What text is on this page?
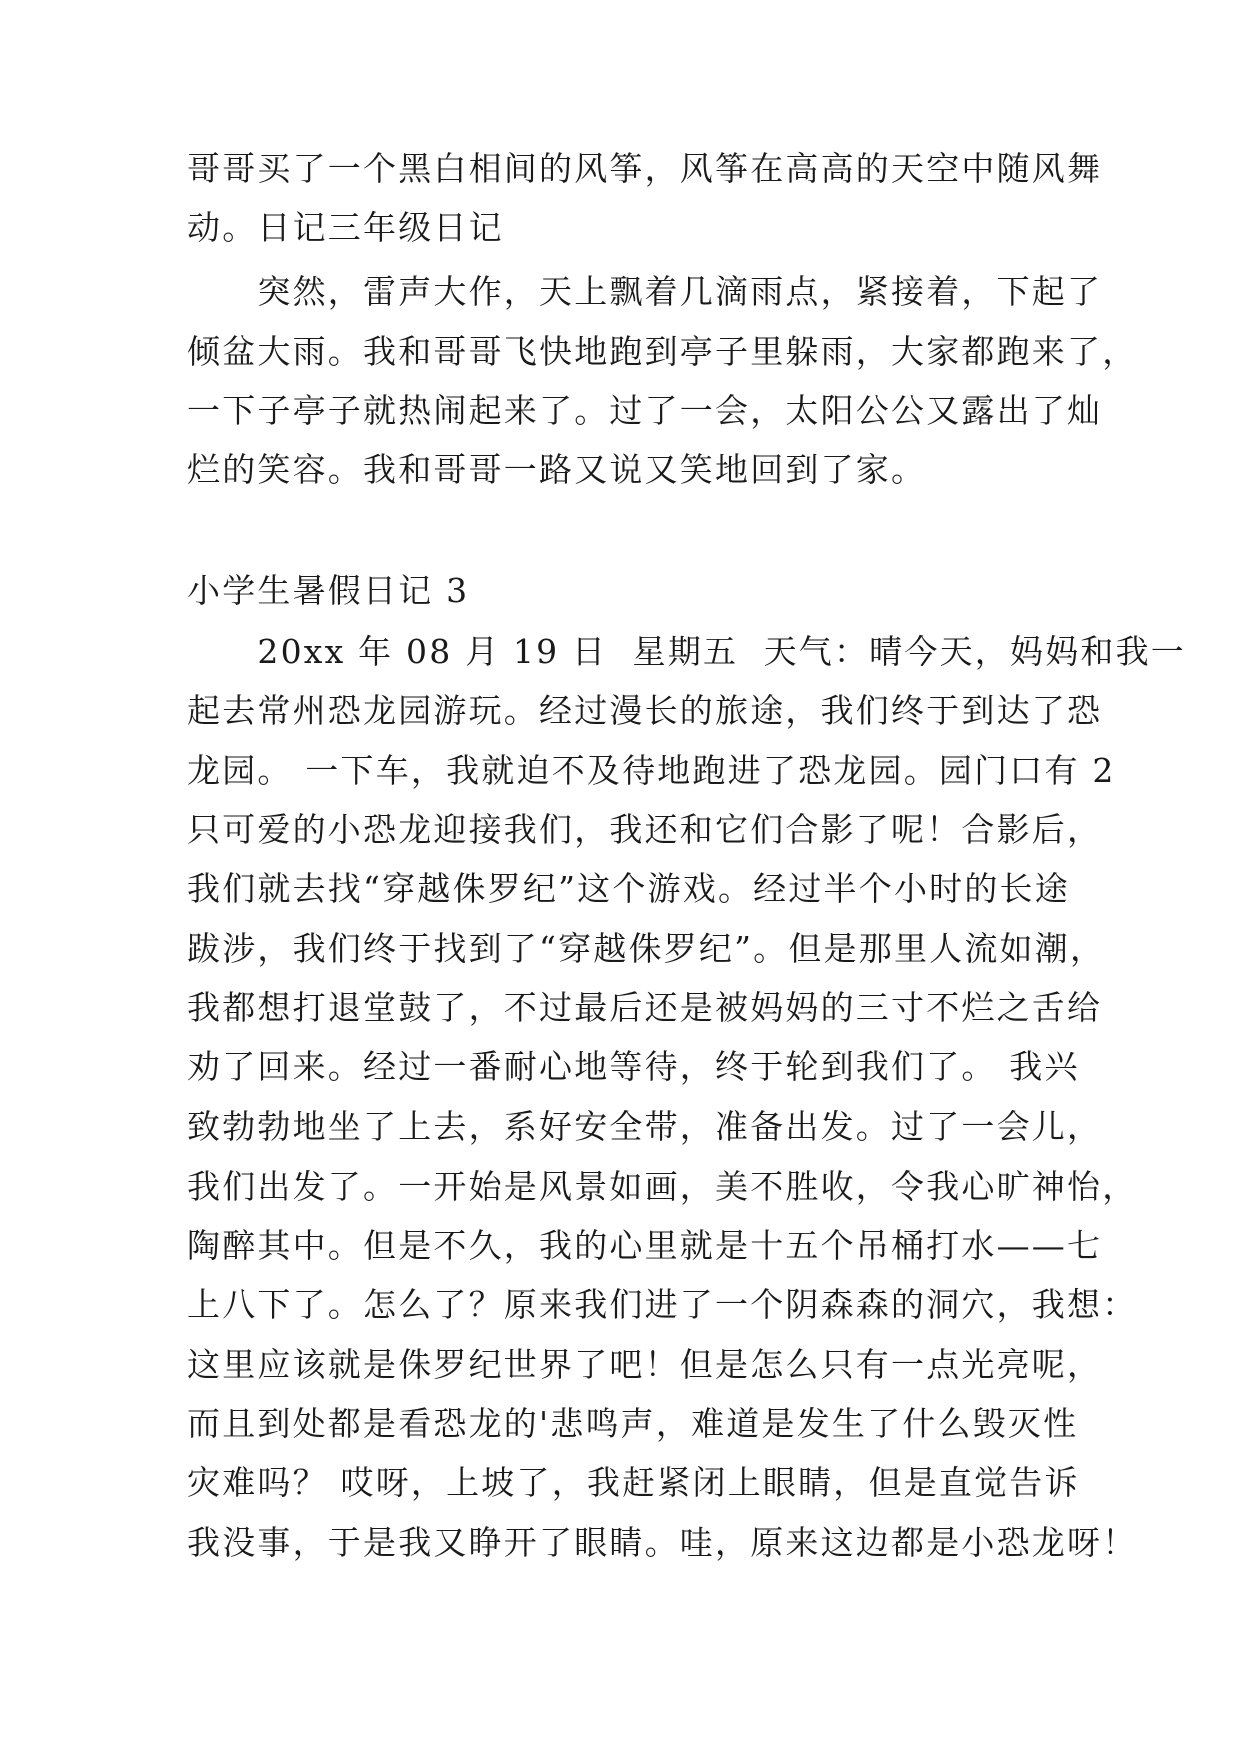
哥哥买了一个黑白相间的风筝，风筝在高高的天空中随风舞
动。日记三年级日记
　　突然，雷声大作，天上飘着几滴雨点，紧接着，下起了
倾盆大雨。我和哥哥飞快地跑到亭子里躲雨，大家都跑来了，
一下子亭子就热闹起来了。过了一会，太阳公公又露出了灿
烂的笑容。我和哥哥一路又说又笑地回到了家。
小学生暑假日记 3
　　20xx 年 08 月 19 日  星期五  天气：晴今天，妈妈和我一
起去常州恐龙园游玩。经过漫长的旅途，我们终于到达了恐
龙园。 一下车，我就迫不及待地跑进了恐龙园。园门口有 2
只可爱的小恐龙迎接我们，我还和它们合影了呢！合影后，
我们就去找“穿越侏罗纪”这个游戏。经过半个小时的长途
跋涉，我们终于找到了“穿越侏罗纪”。但是那里人流如潮，
我都想打退堂鼓了，不过最后还是被妈妈的三寸不烂之舌给
劝了回来。经过一番耐心地等待，终于轮到我们了。 我兴
致勃勃地坐了上去，系好安全带，准备出发。过了一会儿，
我们出发了。一开始是风景如画，美不胜收，令我心旷神怡，
陶醉其中。但是不久，我的心里就是十五个吊桶打水——七
上八下了。怎么了？原来我们进了一个阴森森的洞穴，我想：
这里应该就是侏罗纪世界了吧！但是怎么只有一点光亮呢，
而且到处都是看恐龙的'悲鸣声，难道是发生了什么毁灭性
灾难吗？ 哎呀，上坡了，我赶紧闭上眼睛，但是直觉告诉
我没事，于是我又睁开了眼睛。哇，原来这边都是小恐龙呀！
